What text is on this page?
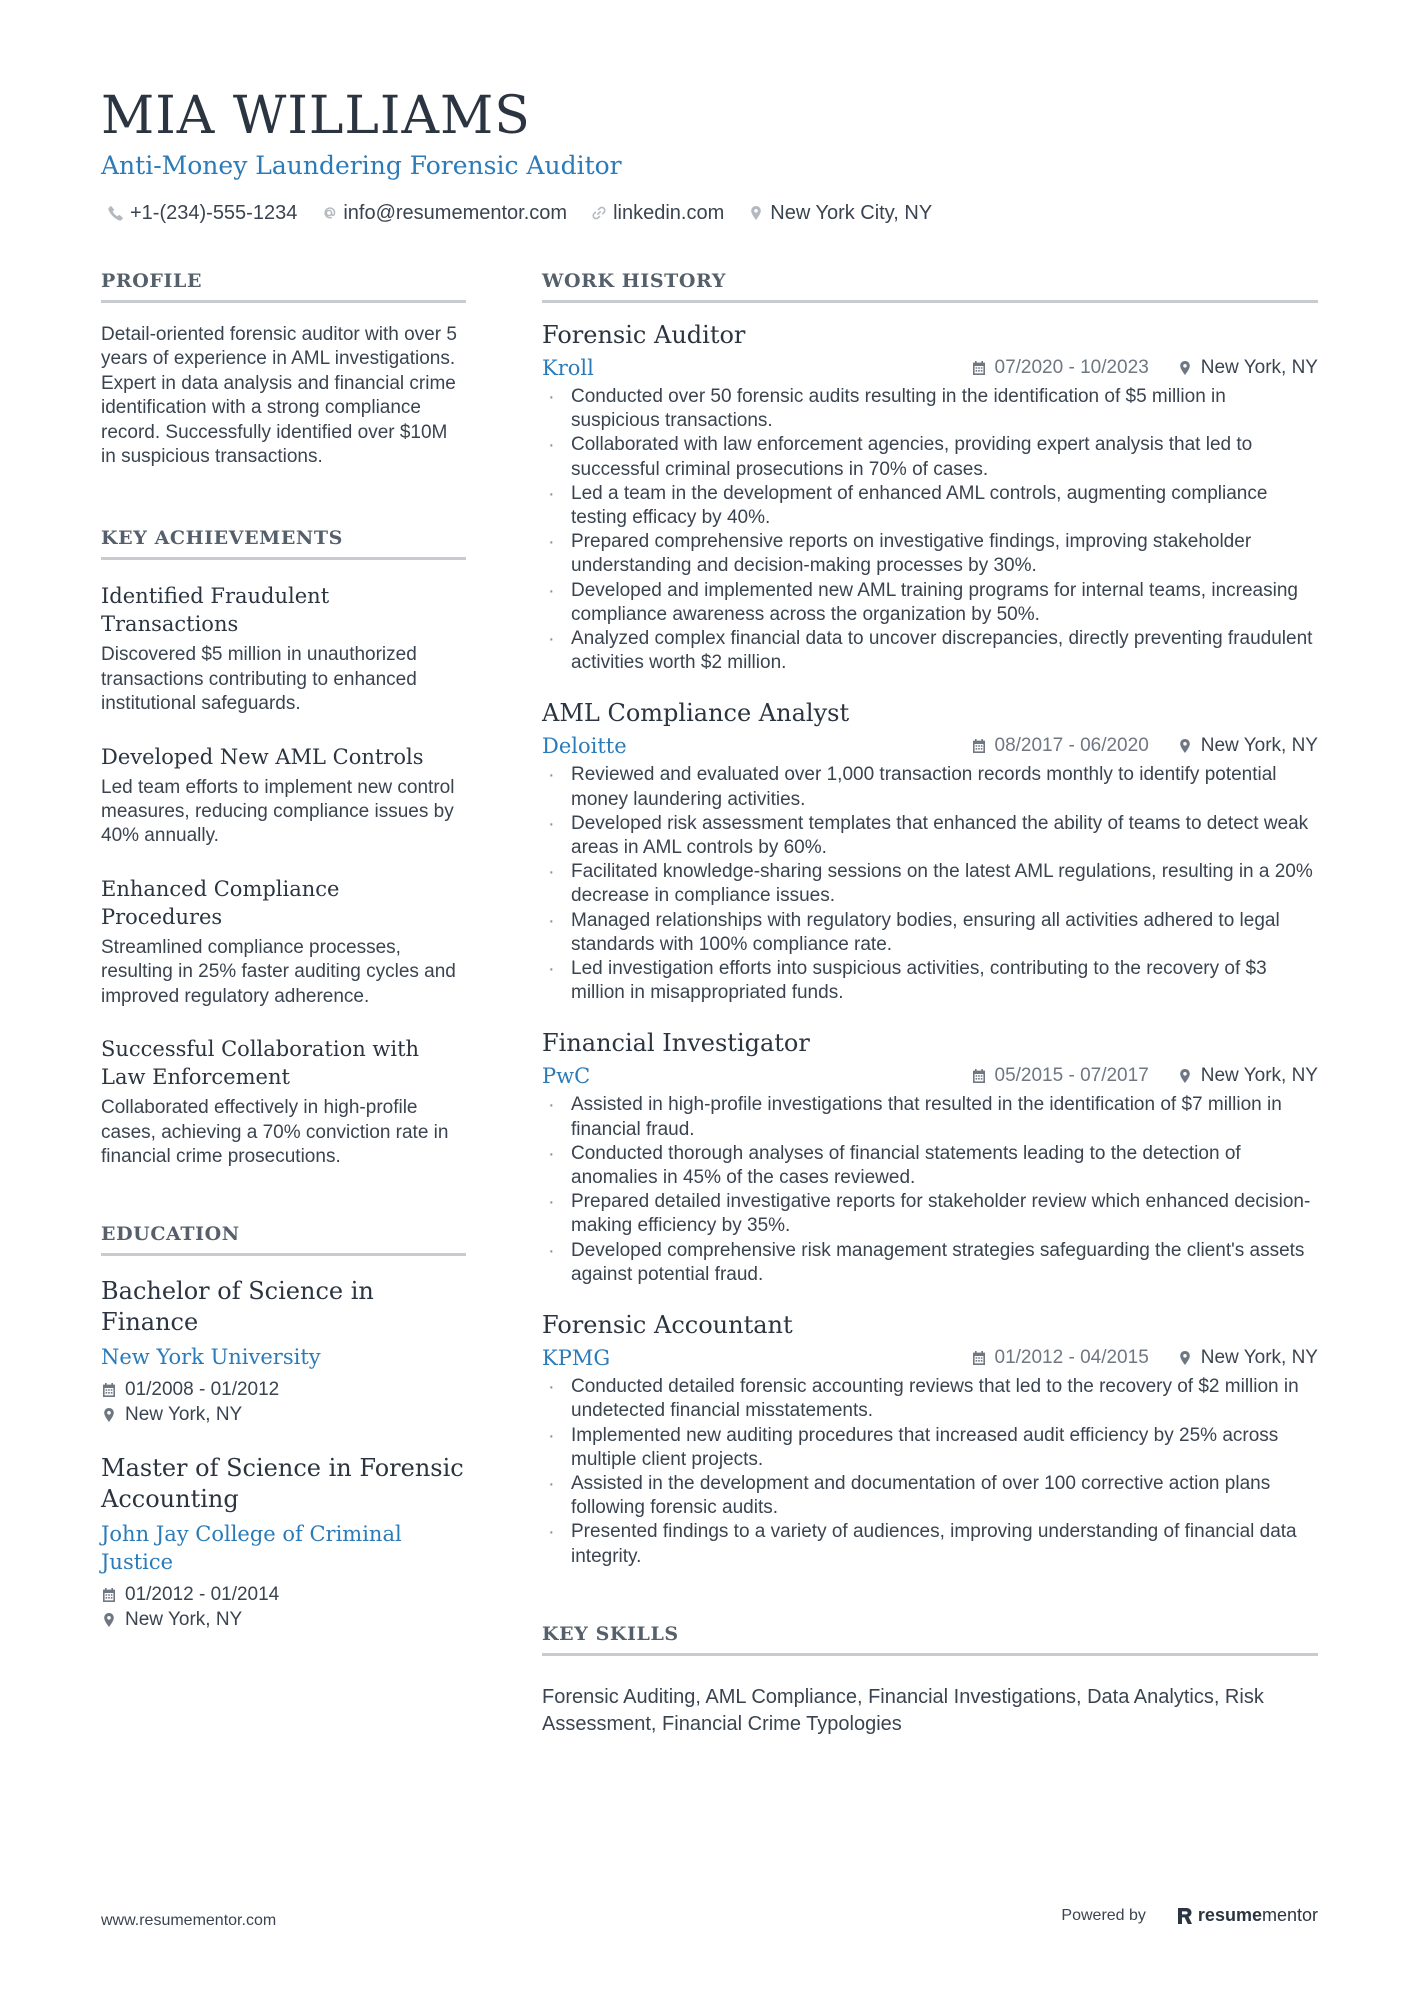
MIA WILLIAMS
Anti-Money Laundering Forensic Auditor
+1-(234)-555-1234 info@resumementor.com linkedin.com New York City, NY
PROFILE

Detail-oriented forensic auditor with over 5 years of experience in AML investigations. Expert in data analysis and financial crime identification with a strong compliance record. Successfully identified over $10M in suspicious transactions.

KEY ACHIEVEMENTS
Identified Fraudulent Transactions

Discovered $5 million in unauthorized transactions contributing to enhanced institutional safeguards.

Developed New AML Controls

Led team efforts to implement new control measures, reducing compliance issues by 40% annually.

Enhanced Compliance Procedures

Streamlined compliance processes, resulting in 25% faster auditing cycles and improved regulatory adherence.

Successful Collaboration with Law Enforcement

Collaborated effectively in high-profile cases, achieving a 70% conviction rate in financial crime prosecutions.

EDUCATION
Bachelor of Science in Finance
New York University
01/2008 - 01/2012
New York, NY
Master of Science in Forensic Accounting
John Jay College of Criminal Justice
01/2012 - 01/2014
New York, NY
WORK HISTORY
Forensic Auditor
Kroll	07/2020 - 10/2023	New York, NY
· Conducted over 50 forensic audits resulting in the identification of $5 million in suspicious transactions.
· Collaborated with law enforcement agencies, providing expert analysis that led to successful criminal prosecutions in 70% of cases.
· Led a team in the development of enhanced AML controls, augmenting compliance testing efficacy by 40%.
· Prepared comprehensive reports on investigative findings, improving stakeholder understanding and decision-making processes by 30%.
· Developed and implemented new AML training programs for internal teams, increasing compliance awareness across the organization by 50%.
· Analyzed complex financial data to uncover discrepancies, directly preventing fraudulent activities worth $2 million.
AML Compliance Analyst
Deloitte	08/2017 - 06/2020	New York, NY
· Reviewed and evaluated over 1,000 transaction records monthly to identify potential money laundering activities.
· Developed risk assessment templates that enhanced the ability of teams to detect weak areas in AML controls by 60%.
· Facilitated knowledge-sharing sessions on the latest AML regulations, resulting in a 20% decrease in compliance issues.
· Managed relationships with regulatory bodies, ensuring all activities adhered to legal standards with 100% compliance rate.
· Led investigation efforts into suspicious activities, contributing to the recovery of $3 million in misappropriated funds.
Financial Investigator
PwC	05/2015 - 07/2017	New York, NY
· Assisted in high-profile investigations that resulted in the identification of $7 million in financial fraud.
· Conducted thorough analyses of financial statements leading to the detection of anomalies in 45% of the cases reviewed.
· Prepared detailed investigative reports for stakeholder review which enhanced decision-making efficiency by 35%.
· Developed comprehensive risk management strategies safeguarding the client's assets against potential fraud.
Forensic Accountant
KPMG	01/2012 - 04/2015	New York, NY
· Conducted detailed forensic accounting reviews that led to the recovery of $2 million in undetected financial misstatements.
· Implemented new auditing procedures that increased audit efficiency by 25% across multiple client projects.
· Assisted in the development and documentation of over 100 corrective action plans following forensic audits.
· Presented findings to a variety of audiences, improving understanding of financial data integrity.
KEY SKILLS

Forensic Auditing, AML Compliance, Financial Investigations, Data Analytics, Risk Assessment, Financial Crime Typologies

www.resumementor.com	Powered by	resume mentor
